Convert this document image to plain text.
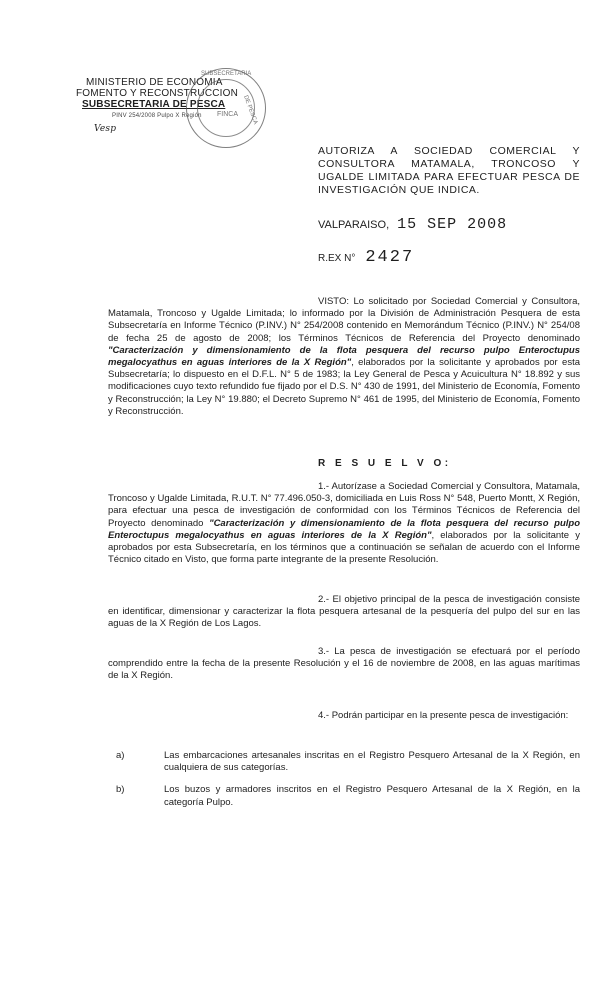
MINISTERIO DE ECONOMIA
FOMENTO Y RECONSTRUCCION
SUBSECRETARIA DE PESCA
PINV 254/2008 Pulpo X Región
Vesp
SUBSECRETARIA
DE PESCA
FINCA
AUTORIZA A SOCIEDAD COMERCIAL Y CONSULTORA MATAMALA, TRONCOSO Y UGALDE LIMITADA PARA EFECTUAR PESCA DE INVESTIGACIÓN QUE INDICA.
VALPARAISO, 15 SEP 2008
R.EX N° 2427
VISTO: Lo solicitado por Sociedad Comercial y Consultora, Matamala, Troncoso y Ugalde Limitada; lo informado por la División de Administración Pesquera de esta Subsecretaría en Informe Técnico (P.INV.) N° 254/2008 contenido en Memorándum Técnico (P.INV.) N° 254/08 de fecha 25 de agosto de 2008; los Términos Técnicos de Referencia del Proyecto denominado "Caracterización y dimensionamiento de la flota pesquera del recurso pulpo Enteroctupus megalocyathus en aguas interiores de la X Región", elaborados por la solicitante y aprobados por esta Subsecretaría; lo dispuesto en el D.F.L. N° 5 de 1983; la Ley General de Pesca y Acuicultura N° 18.892 y sus modificaciones cuyo texto refundido fue fijado por el D.S. N° 430 de 1991, del Ministerio de Economía, Fomento y Reconstrucción; la Ley N° 19.880; el Decreto Supremo N° 461 de 1995, del Ministerio de Economía, Fomento y Reconstrucción.
R E S U E L V O:
1.- Autorízase a Sociedad Comercial y Consultora, Matamala, Troncoso y Ugalde Limitada, R.U.T. N° 77.496.050-3, domiciliada en Luis Ross N° 548, Puerto Montt, X Región, para efectuar una pesca de investigación de conformidad con los Términos Técnicos de Referencia del Proyecto denominado "Caracterización y dimensionamiento de la flota pesquera del recurso pulpo Enteroctupus megalocyathus en aguas interiores de la X Región", elaborados por la solicitante y aprobados por esta Subsecretaría, en los términos que a continuación se señalan de acuerdo con el Informe Técnico citado en Visto, que forma parte integrante de la presente Resolución.
2.- El objetivo principal de la pesca de investigación consiste en identificar, dimensionar y caracterizar la flota pesquera artesanal de la pesquería del pulpo del sur en las aguas de la X Región de Los Lagos.
3.- La pesca de investigación se efectuará por el período comprendido entre la fecha de la presente Resolución y el 16 de noviembre de 2008, en las aguas marítimas de la X Región.
4.- Podrán participar en la presente pesca de investigación:
a)	Las embarcaciones artesanales inscritas en el Registro Pesquero Artesanal de la X Región, en cualquiera de sus categorías.
b)	Los buzos y armadores inscritos en el Registro Pesquero Artesanal de la X Región, en la categoría Pulpo.
